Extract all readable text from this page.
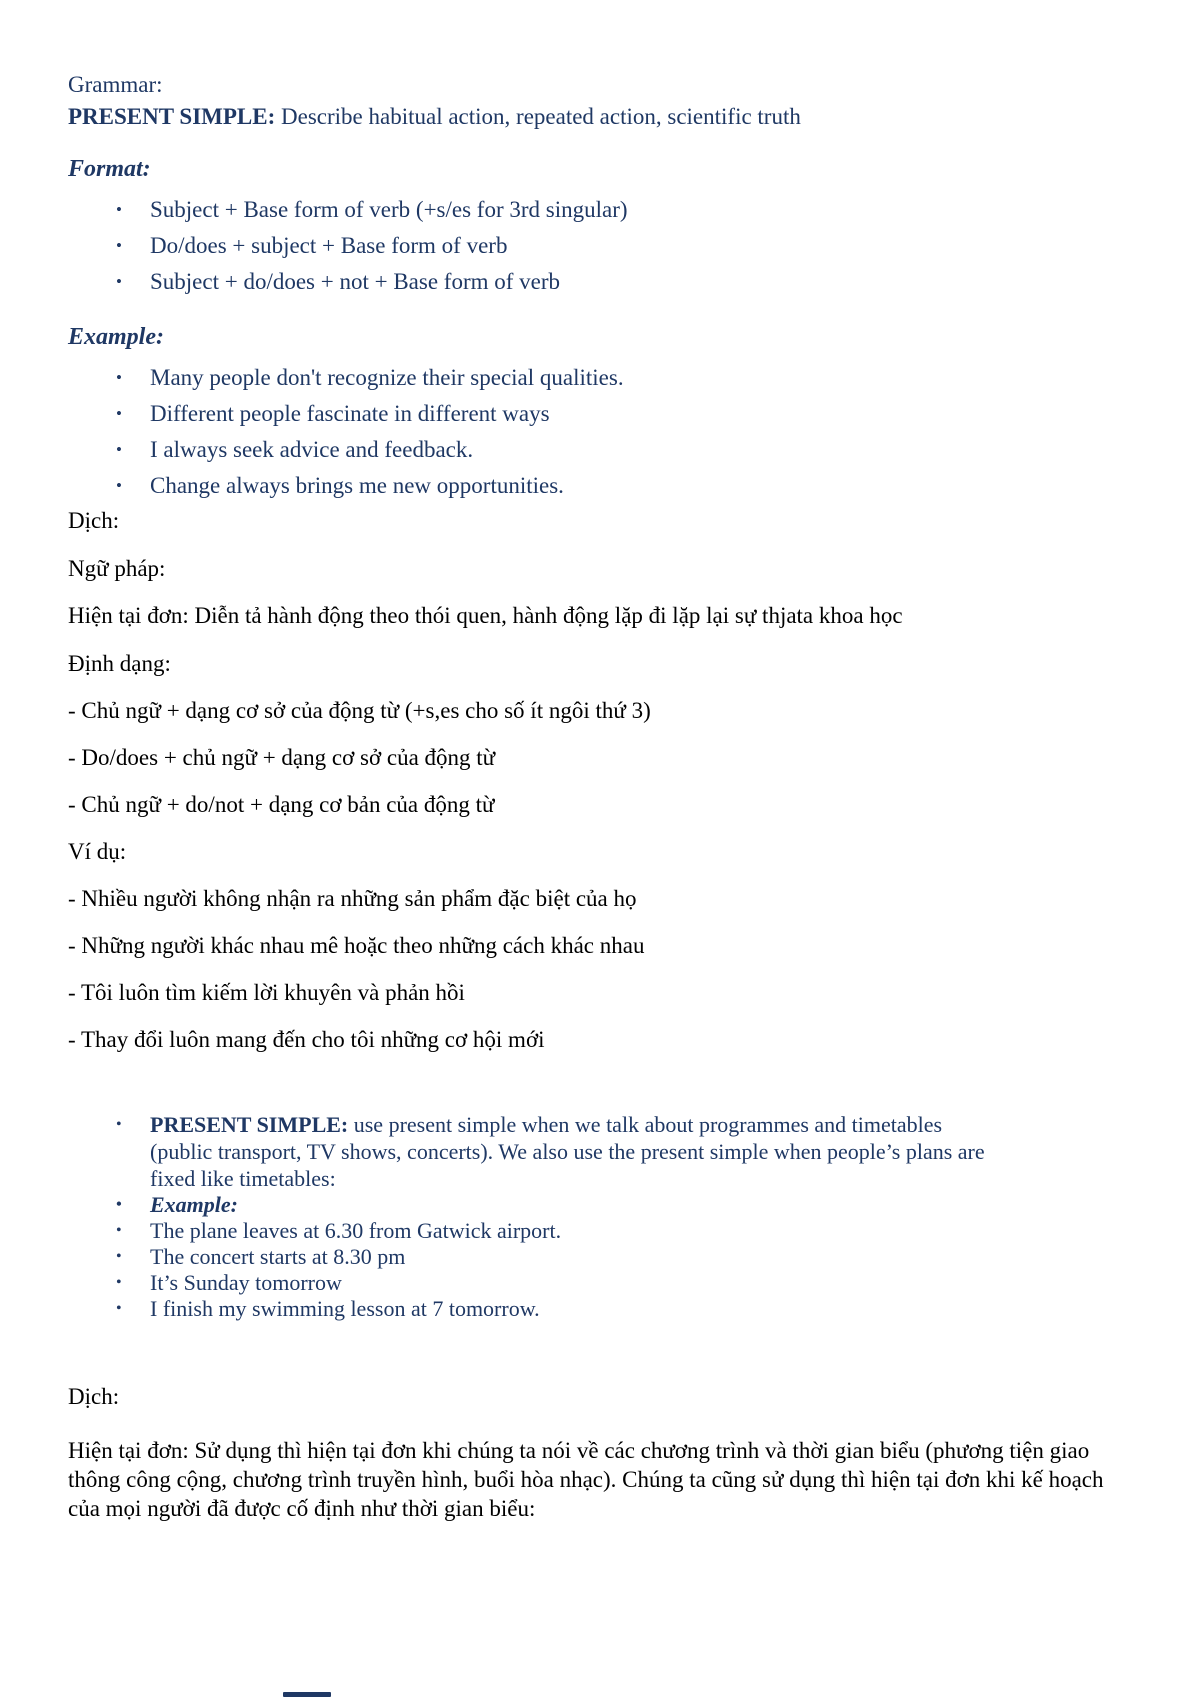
Grammar:

PRESENT SIMPLE: Describe habitual action, repeated action, scientific truth

Format:

• Subject + Base form of verb (+s/es for 3rd singular)
• Do/does + subject + Base form of verb
• Subject + do/does + not + Base form of verb

Example:

• Many people don't recognize their special qualities.
• Different people fascinate in different ways
• I always seek advice and feedback.
• Change always brings me new opportunities.

Dịch:

Ngữ pháp:

Hiện tại đơn: Diễn tả hành động theo thói quen, hành động lặp đi lặp lại sự thjata khoa học

Định dạng:

- Chủ ngữ + dạng cơ sở của động từ (+s,es cho số ít ngôi thứ 3)

- Do/does + chủ ngữ + dạng cơ sở của động từ

- Chủ ngữ + do/not + dạng cơ bản của động từ

Ví dụ:

- Nhiều người không nhận ra những sản phẩm đặc biệt của họ

- Những người khác nhau mê hoặc theo những cách khác nhau

- Tôi luôn tìm kiếm lời khuyên và phản hồi

- Thay đổi luôn mang đến cho tôi những cơ hội mới

• PRESENT SIMPLE: use present simple when we talk about programmes and timetables (public transport, TV shows, concerts). We also use the present simple when people’s plans are fixed like timetables:
• Example:
• The plane leaves at 6.30 from Gatwick airport.
• The concert starts at 8.30 pm
• It’s Sunday tomorrow
• I finish my swimming lesson at 7 tomorrow.

Dịch:

Hiện tại đơn: Sử dụng thì hiện tại đơn khi chúng ta nói về các chương trình và thời gian biểu (phương tiện giao thông công cộng, chương trình truyền hình, buổi hòa nhạc). Chúng ta cũng sử dụng thì hiện tại đơn khi kế hoạch của mọi người đã được cố định như thời gian biểu:
